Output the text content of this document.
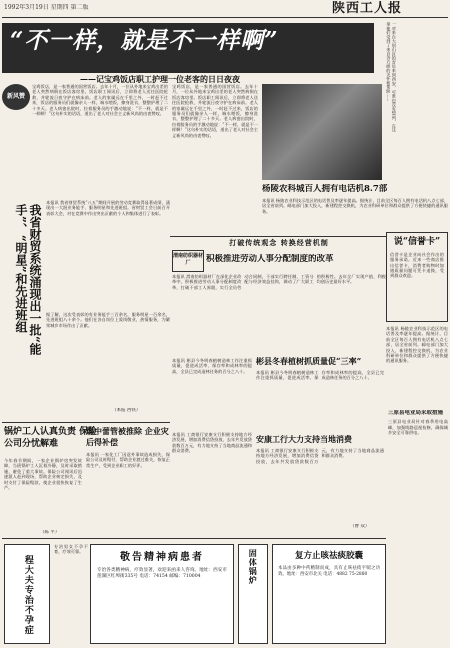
1992年3月19日 星期四 第二版	陕西工人报
“不一样，就是不一样啊”
——记宝鸡饭店职工护理一位老客的日日夜夜	一对来自大别山区的青年来到西安，可谁也没有想到，在这里他们受到了来自各方面的关怀和帮助……
新风赞
宝鸡饭店，是一家普通的国营饭店。去年十月，一位从外地来宝鸡出差的老人突然病倒在饭店客房里。饭店职工闻讯后，立即将老人送往医院抢救，并轮流日夜守护在病床前。老人的家属远在千里之外，一时赶不过来，饭店的服务员们就像亲人一样，端水喂饭，擦身洗衣，整整护理了二十多天。老人病愈出院时，拉着服务员的手激动地说：“不一样，就是不一样啊！”这句朴实的话语，道出了老人对社会主义新风尚的由衷赞叹。
杨陵农科城百人拥有电话机8.7部
宝鸡饭店，是一家普通的国营饭店。去年十月，一位从外地来宝鸡出差的老人突然病倒在饭店客房里。饭店职工闻讯后，立即将老人送往医院抢救，并轮流日夜守护在病床前。老人的家属远在千里之外，一时赶不过来，饭店的服务员们就像亲人一样，端水喂饭，擦身洗衣，整整护理了二十多天。老人病愈出院时，拉着服务员的手激动地说：“不一样，就是不一样啊！”这句朴实的话语，道出了老人对社会主义新风尚的由衷赞叹。
本报讯 杨陵农业科技示范区的电话普及率逐年提高。据统计，目前全区每百人拥有电话机八点七部，居全省前列。邮电部门加大投入，新建程控交换机，为农业科研单位和群众提供了方便快捷的通讯服务。
我省财贸系统涌现出一批“能手”、“明星”和先进班组
本报讯 我省财贸系统“八五”期间开展的劳动竞赛取得显著成绩，涌现出一大批业务能手、服务明星和先进班组。省财贸工会日前召开表彰大会，对在竞赛中作出突出贡献的个人和集体进行了表彰。
据了解，这次受表彰的有业务能手三百余名，服务明星一百余名，先进班组八十余个。他们在各自岗位上爱岗敬业，热情服务，为繁荣城乡市场作出了贡献。
（本报 西铁）
打破传统观念 转换经营机制
渭南纺织器材厂	积极推进劳动人事分配制度的改革
本报讯 渭南纺织器材厂在深化企业改革中，积极推进劳动人事分配制度改革，打破干部工人界限，实行全员劳动合同制，干部实行聘任制，工资分配与经济效益挂钩，调动了广大职工的积极性。去年全厂实现产值、利税均创历史最好水平。
说“信誉卡”
信誉卡是企业向社会作出的服务承诺。近来一些商店推出信誉卡，消费者购物时如遇质量问题可凭卡退换，受到群众欢迎。
本报讯 杨陵农业科技示范区的电话普及率逐年提高。据统计，目前全区每百人拥有电话机八点七部，居全省前列。邮电部门加大投入，新建程控交换机，为农业科研单位和群众提供了方便快捷的通讯服务。
本报讯 彬县今冬明春植树造林工作注重抓质量，促进成活率、保存率和成林率的提高，全县已完成造林任务的百分之八十。
彬县冬春植树抓质量促“三率”
本报讯 彬县今冬明春植树造林工作注重抓质量，促进成活率、保存率和成林率的提高，全县已完成造林任务的百分之八十。
锅炉工人认真负责 保险公司分忧解难
今年春节期间，一家企业锅炉房突发故障，当班锅炉工人沉着冷静，及时采取措施，避免了重大事故。保险公司闻讯后迅速派人赶到现场，帮助企业核定损失，及时支付了保险赔款，使企业很快恢复了生产。
（陈 平）
煤中蕾管被推除 企业灾后得补偿
本报讯 一家化工厂因意外事故造成损失，保险公司及时赔付，帮助企业渡过难关，恢复正常生产，受到企业职工的好评。
本报讯 工商银行安康支行积极支持地方经济发展，增加消费信贷投放，去年共发放贷款数百万元，有力地支持了当地商品流通和群众消费。
安康工行大力支持当地消费
本报讯 工商银行安康支行积极支持地方经济发展，增加消费信贷投放，去年共发放贷款数百万元，有力地支持了当地商品流通和群众消费。
（曹 双）
三原县电业局采取措施
三原县电业局针对春季用电高峰，加强线路巡视检修，确保城乡安全可靠供电。
程大夫专治不孕症
专治男女不孕不育，疗效可靠。
敬告精神病患者
专治各类精神病，疗效显著，欢迎来函来人咨询。地址：西安市莲湖区红埠街335号 电话：74154 邮编：710004	固体锅炉	复方止咳祛痰胶囊
本品由多种中药精制而成，具有止咳祛痰平喘之功效。地址：西安市北关 电话：4882 75-2880
